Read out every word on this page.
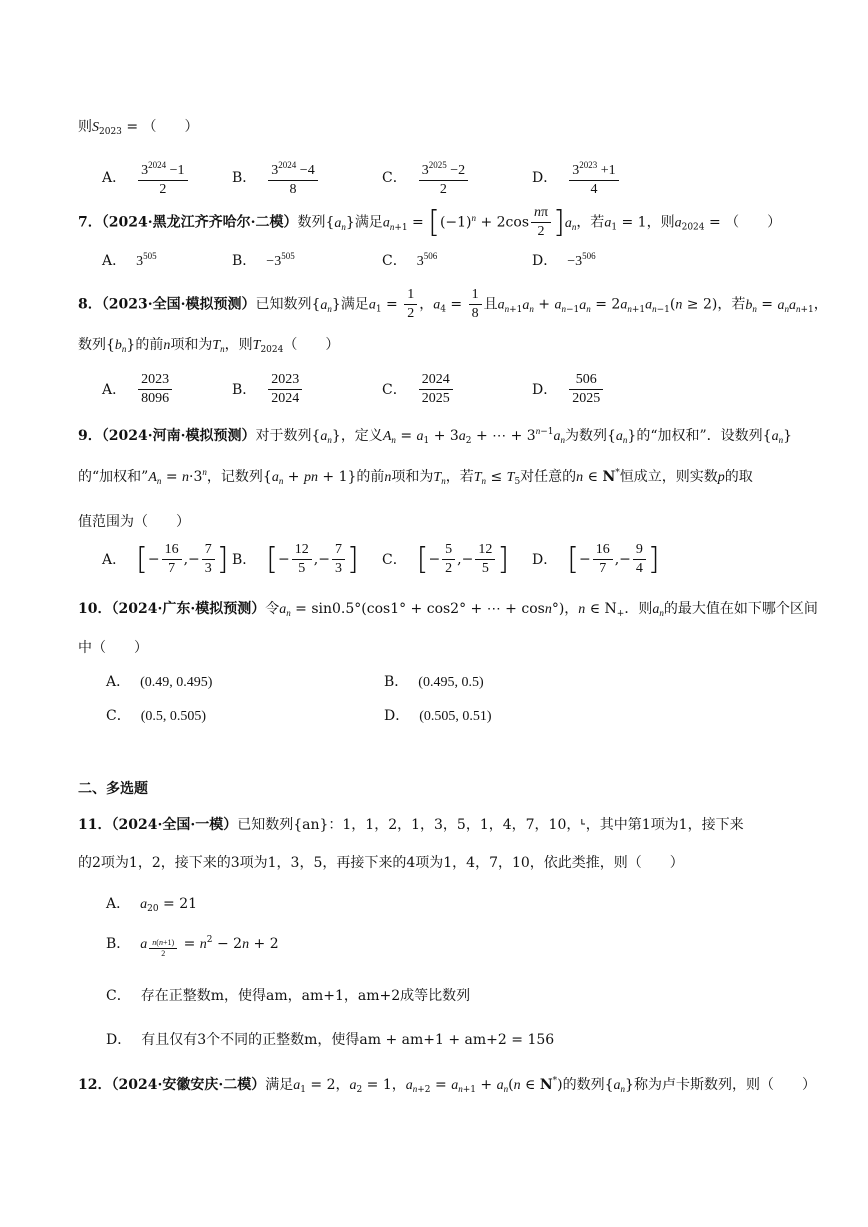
则$S_{2023}$ = （　　）
A． $\frac{3^{2024} -1}{2}$	B． $\frac{3^{2024} -4}{8}$	C． $\frac{3^{2025} -2}{2}$	D． $\frac{3^{2023} +1}{4}$
7．（2024·黑龙江齐齐哈尔·二模）数列$\{a_n\}$满足$a_{n+1} = [(-1)^n + 2\cos \frac{n\pi}{2} ]a_n$，若$a_1 = 1$，则$a_{2024}$ = （　　）
A． $3^{505}$	B． $-3^{505}$	C． $3^{506}$	D． $-3^{506}$
8．（2023·全国·模拟预测）已知数列$\{a_n\}$满足$a_1 = \frac{1}{2}$ ，$a_4 = \frac{1}{8}$ 且$a_{n+1}a_n + a_{n-1}a_n = 2a_{n+1}a_{n-1}(n \ge 2)$，若$b_n = a_na_{n+1}$，
数列$\{b_n\}$的前n项和为$T_n$，则$T_{2024}$（　　）
A． $\frac{2023}{8096}$	B． $\frac{2023}{2024}$	C． $\frac{2024}{2025}$	D． $\frac{506}{2025}$
9．（2024·河南·模拟预测）对于数列$\{a_n\}$，定义$A_n = a_1 + 3a_2$ + ⋯ + $3^{n-1}a_n$为数列$\{a_n\}$的“加权和”．设数列$\{a_n\}$
的“加权和$”A_n = n\cdot 3^n$，记数列{$a_n$ + pn + 1}的前n项和为$T_n$，若$T_n \le T_5$对任意的n ∈ N*恒成立，则实数p的取
值范围为（　　）
A． [− $\frac{16}{7}$ ,− $\frac{7}{3}$ ] B． [− $\frac{12}{5}$ ,− $\frac{7}{3}$ ] C． [− $\frac{5}{2}$ ,− $\frac{12}{5}$ ] D． [− $\frac{16}{7}$ ,− $\frac{9}{4}$ ]
10．（2024·广东·模拟预测）令$a_n = \sin 0.5^\circ(\cos 1^\circ + \cos 2^\circ$ + ⋯ + cosn°)，n ∈ $N_+$．则$a_n$的最大值在如下哪个区间
中（　　）
A． (0.49, 0.495)	B． (0.495, 0.5)
C． (0.5, 0.505)	D． (0.505, 0.51)
二、多选题
11．（2024·全国·一模）已知数列{an}：1，1，2，1，3，5，1，4，7，10，ᒻ，其中第1项为1，接下来
的2项为1，2，接下来的3项为1，3，5，再接下来的4项为1，4，7，10，依此类推，则（　　）
A． $a_{20} = 21$
B． a $_{\frac{n(n+1)}{2}} = n^2 - 2n + 2$
C． 存在正整数m，使得am，am+1，am+2成等比数列
D． 有且仅有3个不同的正整数m，使得am + am+1 + am+2 = 156
12．（2024·安徽安庆·二模）满足$a_1 = 2$，$a_2 = 1$，$a_{n+2} = a_{n+1} + a_n(n$ ∈ N*)的数列$\{a_n\}$称为卢卡斯数列，则（　　）
